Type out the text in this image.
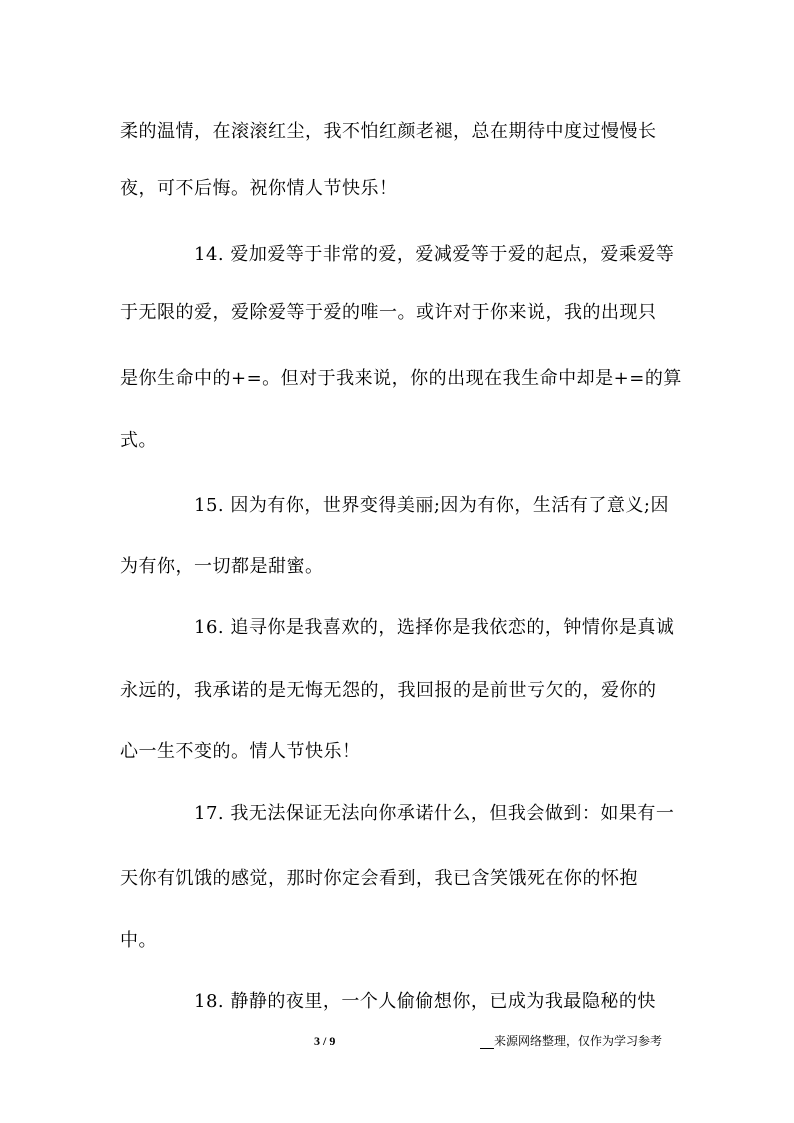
柔的温情，在滚滚红尘，我不怕红颜老褪，总在期待中度过慢慢长
夜，可不后悔。祝你情人节快乐！
14. 爱加爱等于非常的爱，爱减爱等于爱的起点，爱乘爱等
于无限的爱，爱除爱等于爱的唯一。或许对于你来说，我的出现只
是你生命中的+=。但对于我来说，你的出现在我生命中却是+=的算
式。
15. 因为有你，世界变得美丽;因为有你，生活有了意义;因
为有你，一切都是甜蜜。
16. 追寻你是我喜欢的，选择你是我依恋的，钟情你是真诚
永远的，我承诺的是无悔无怨的，我回报的是前世亏欠的，爱你的
心一生不变的。情人节快乐！
17. 我无法保证无法向你承诺什么，但我会做到：如果有一
天你有饥饿的感觉，那时你定会看到，我已含笑饿死在你的怀抱
中。
18. 静静的夜里，一个人偷偷想你，已成为我最隐秘的快
3 / 9	来源网络整理，仅作为学习参考
